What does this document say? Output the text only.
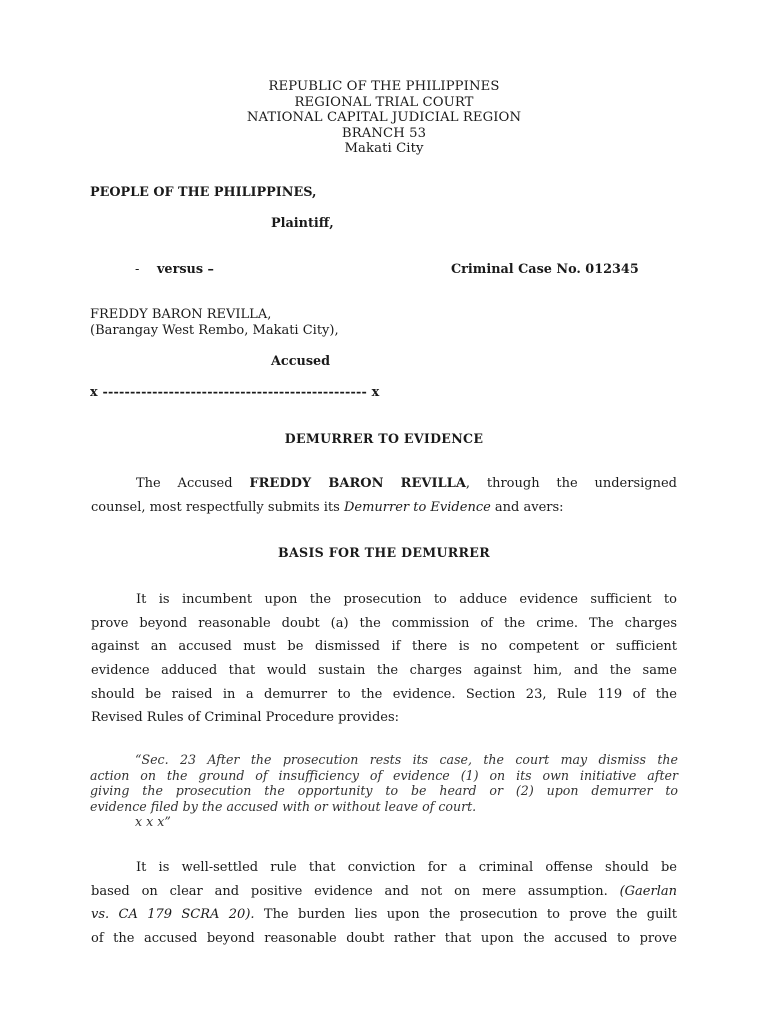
REPUBLIC OF THE PHILIPPINES
REGIONAL TRIAL COURT
NATIONAL CAPITAL JUDICIAL REGION
BRANCH 53
Makati City
PEOPLE OF THE PHILIPPINES,
Plaintiff,
- versus –	Criminal Case No. 012345
FREDDY BARON REVILLA,
(Barangay West Rembo, Makati City),
Accused
x ------------------------------------------------ x
DEMURRER TO EVIDENCE
The Accused FREDDY BARON REVILLA, through the undersigned
counsel, most respectfully submits its Demurrer to Evidence and avers:
BASIS FOR THE DEMURRER
It is incumbent upon the prosecution to adduce evidence sufficient to
prove beyond reasonable doubt (a) the commission of the crime. The charges
against an accused must be dismissed if there is no competent or sufficient
evidence adduced that would sustain the charges against him, and the same
should be raised in a demurrer to the evidence. Section 23, Rule 119 of the
Revised Rules of Criminal Procedure provides:
“Sec. 23 After the prosecution rests its case, the court may dismiss the
action on the ground of insufficiency of evidence (1) on its own initiative after
giving the prosecution the opportunity to be heard or (2) upon demurrer to
evidence filed by the accused with or without leave of court.
x x x”
It is well-settled rule that conviction for a criminal offense should be
based on clear and positive evidence and not on mere assumption. (Gaerlan
vs. CA 179 SCRA 20). The burden lies upon the prosecution to prove the guilt
of the accused beyond reasonable doubt rather that upon the accused to prove
